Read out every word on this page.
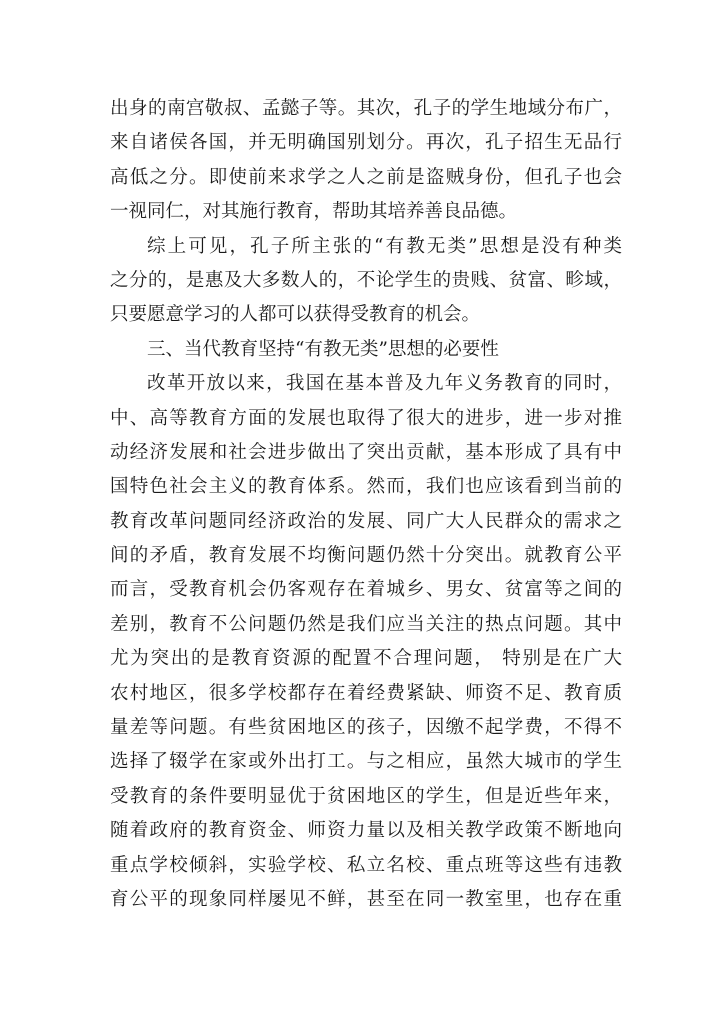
出身的南宫敬叔、孟懿子等。其次，孔子的学生地域分布广，
来自诸侯各国，并无明确国别划分。再次，孔子招生无品行
高低之分。即使前来求学之人之前是盗贼身份，但孔子也会
一视同仁，对其施行教育，帮助其培养善良品德。
综上可见，孔子所主张的“有教无类”思想是没有种类
之分的，是惠及大多数人的，不论学生的贵贱、贫富、畛域，
只要愿意学习的人都可以获得受教育的机会。
三、当代教育坚持“有教无类”思想的必要性
改革开放以来，我国在基本普及九年义务教育的同时，
中、高等教育方面的发展也取得了很大的进步，进一步对推
动经济发展和社会进步做出了突出贡献，基本形成了具有中
国特色社会主义的教育体系。然而，我们也应该看到当前的
教育改革问题同经济政治的发展、同广大人民群众的需求之
间的矛盾，教育发展不均衡问题仍然十分突出。就教育公平
而言，受教育机会仍客观存在着城乡、男女、贫富等之间的
差别，教育不公问题仍然是我们应当关注的热点问题。其中
尤为突出的是教育资源的配置不合理问题， 特别是在广大
农村地区，很多学校都存在着经费紧缺、师资不足、教育质
量差等问题。有些贫困地区的孩子，因缴不起学费，不得不
选择了辍学在家或外出打工。与之相应，虽然大城市的学生
受教育的条件要明显优于贫困地区的学生，但是近些年来，
随着政府的教育资金、师资力量以及相关教学政策不断地向
重点学校倾斜，实验学校、私立名校、重点班等这些有违教
育公平的现象同样屡见不鲜，甚至在同一教室里，也存在重
